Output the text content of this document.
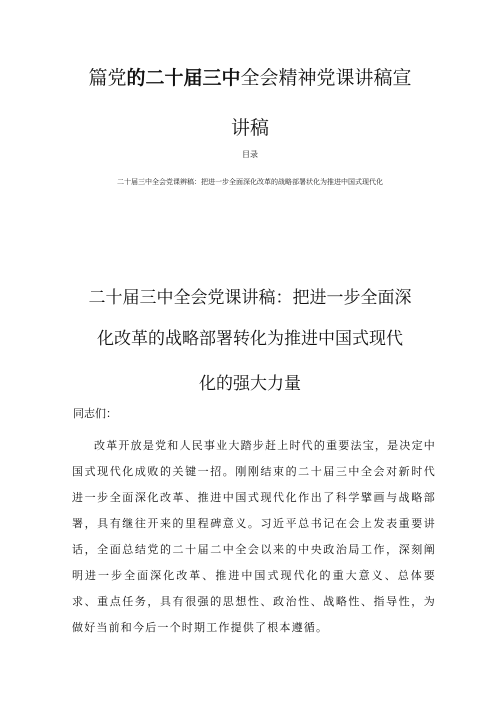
篇党的二十届三中全会精神党课讲稿宣
讲稿
目录
二十届三中全会党课辨稿：把进一步全面深化改革的战略部署状化为推进中国式现代化
二十届三中全会党课讲稿：把进一步全面深
化改革的战略部署转化为推进中国式现代
化的强大力量
同志们：

改革开放是党和人民事业大踏步赶上时代的重要法宝，是决定中国式现代化成败的关键一招。刚刚结束的二十届三中全会对新时代进一步全面深化改革、推进中国式现代化作出了科学擘画与战略部署，具有继往开来的里程碑意义。习近平总书记在会上发表重要讲话，全面总结党的二十届二中全会以来的中央政治局工作，深刻阐明进一步全面深化改革、推进中国式现代化的重大意义、总体要求、重点任务，具有很强的思想性、政治性、战略性、指导性，为做好当前和今后一个时期工作提供了根本遵循。
